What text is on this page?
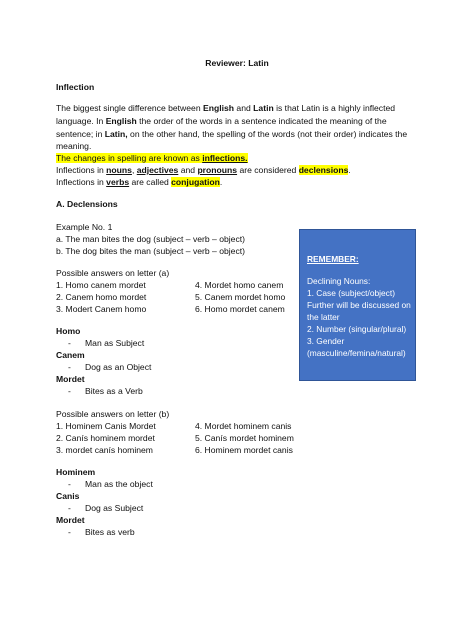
Reviewer: Latin
Inflection
The biggest single difference between English and Latin is that Latin is a highly inflected
language. In English the order of the words in a sentence indicated the meaning of the
sentence; in Latin, on the other hand, the spelling of the words (not their order) indicates the
meaning.
The changes in spelling are known as inflections.
Inflections in nouns, adjectives and pronouns are considered declensions.
Inflections in verbs are called conjugation.
A. Declensions
Example No. 1
a. The man bites the dog (subject – verb – object)
b. The dog bites the man (subject – verb – object)
Possible answers on letter (a)
1. Homo canem mordet
2. Canem homo mordet
3. Modert Canem homo
4. Mordet homo canem
5. Canem mordet homo
6. Homo mordet canem
Homo
- Man as Subject
Canem
- Dog as an Object
Mordet
- Bites as a Verb
Possible answers on letter (b)
1. Hominem Canis Mordet
2. Canís hominem mordet
3. mordet canís hominem
4. Mordet hominem canis
5. Canís mordet hominem
6. Hominem mordet canis
Hominem
- Man as the object
Canis
- Dog as Subject
Mordet
- Bites as verb
REMEMBER:
Declining Nouns:
1. Case (subject/object)
Further will be discussed on
the latter
2. Number (singular/plural)
3. Gender
(masculine/femina/natural)
